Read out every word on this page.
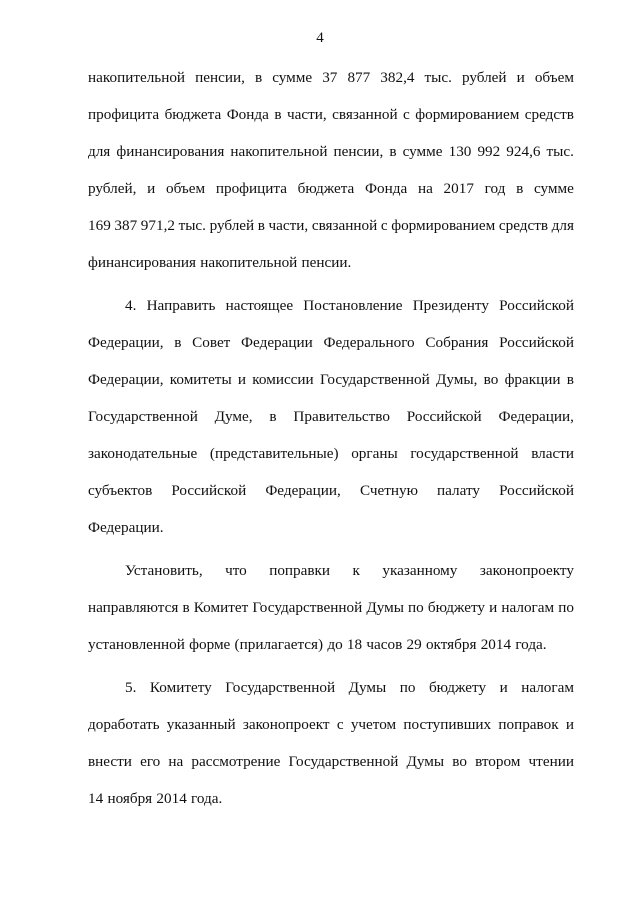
4
накопительной пенсии, в сумме 37 877 382,4 тыс. рублей и объем
профицита бюджета Фонда в части, связанной с формированием средств
для финансирования накопительной пенсии, в сумме 130 992 924,6 тыс.
рублей, и объем профицита бюджета Фонда на 2017 год в сумме
169 387 971,2 тыс. рублей в части, связанной с формированием средств для
финансирования накопительной пенсии.
4. Направить настоящее Постановление Президенту Российской
Федерации, в Совет Федерации Федерального Собрания Российской
Федерации, комитеты и комиссии Государственной Думы, во фракции в
Государственной Думе, в Правительство Российской Федерации,
законодательные (представительные) органы государственной власти
субъектов Российской Федерации, Счетную палату Российской
Федерации.
Установить, что поправки к указанному законопроекту
направляются в Комитет Государственной Думы по бюджету и налогам по
установленной форме (прилагается) до 18 часов 29 октября 2014 года.
5. Комитету Государственной Думы по бюджету и налогам
доработать указанный законопроект с учетом поступивших поправок и
внести его на рассмотрение Государственной Думы во втором чтении
14 ноября 2014 года.
